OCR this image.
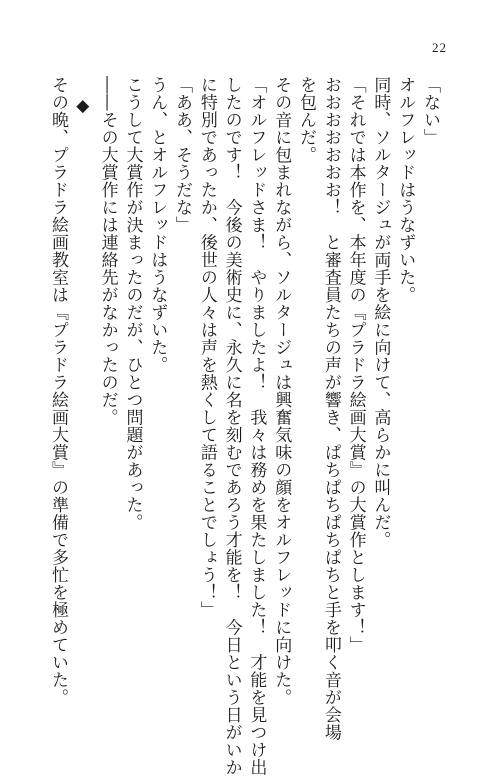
22
「ない」
オルフレッドはうなずいた。
同時、ソルタージュが両手を絵に向けて、高らかに叫んだ。
「それでは本作を、本年度の『プラドラ絵画大賞』の大賞作とします！」
おおおおおおお！　と審査員たちの声が響き、ぱちぱちぱちぱちと手を叩く音が会場
を包んだ。
その音に包まれながら、ソルタージュは興奮気味の顔をオルフレッドに向けた。
「オルフレッドさま！　やりましたよ！　我々は務めを果たしました！　才能を見つけ出
したのです！　今後の美術史に、永久に名を刻むであろう才能を！　今日という日がいか
に特別であったか、後世の人々は声を熱くして語ることでしょう！」
「ああ、そうだな」
うん、とオルフレッドはうなずいた。
こうして大賞作が決まったのだが、ひとつ問題があった。
――その大賞作には連絡先がなかったのだ。
◆
その晩、プラドラ絵画教室は『プラドラ絵画大賞』の準備で多忙を極めていた。
